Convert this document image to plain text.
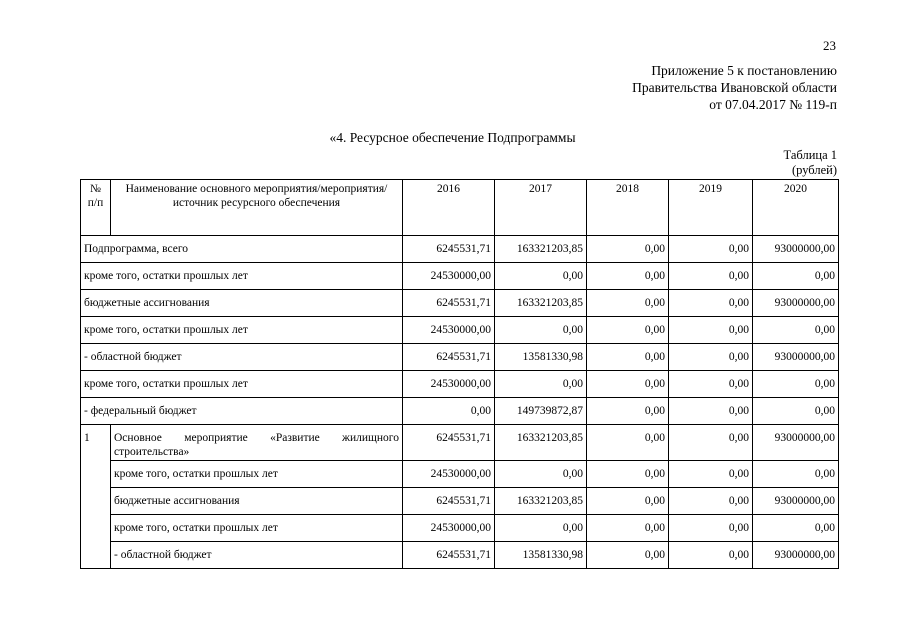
23
Приложение 5 к постановлению
Правительства Ивановской области
от 07.04.2017 № 119-п
«4. Ресурсное обеспечение Подпрограммы
Таблица 1
(рублей)
№ п/п	Наименование основного мероприятия/мероприятия/источник ресурсного обеспечения	2016	2017	2018	2019	2020
Подпрограмма, всего		6245531,71	163321203,85	0,00	0,00	93000000,00
кроме того, остатки прошлых лет		24530000,00	0,00	0,00	0,00	0,00
бюджетные ассигнования		6245531,71	163321203,85	0,00	0,00	93000000,00
кроме того, остатки прошлых лет		24530000,00	0,00	0,00	0,00	0,00
- областной бюджет		6245531,71	13581330,98	0,00	0,00	93000000,00
кроме того, остатки прошлых лет		24530000,00	0,00	0,00	0,00	0,00
- федеральный бюджет		0,00	149739872,87	0,00	0,00	0,00
1	Основное мероприятие «Развитие жилищного строительства»	6245531,71	163321203,85	0,00	0,00	93000000,00
	кроме того, остатки прошлых лет	24530000,00	0,00	0,00	0,00	0,00
	бюджетные ассигнования	6245531,71	163321203,85	0,00	0,00	93000000,00
	кроме того, остатки прошлых лет	24530000,00	0,00	0,00	0,00	0,00
	- областной бюджет	6245531,71	13581330,98	0,00	0,00	93000000,00
